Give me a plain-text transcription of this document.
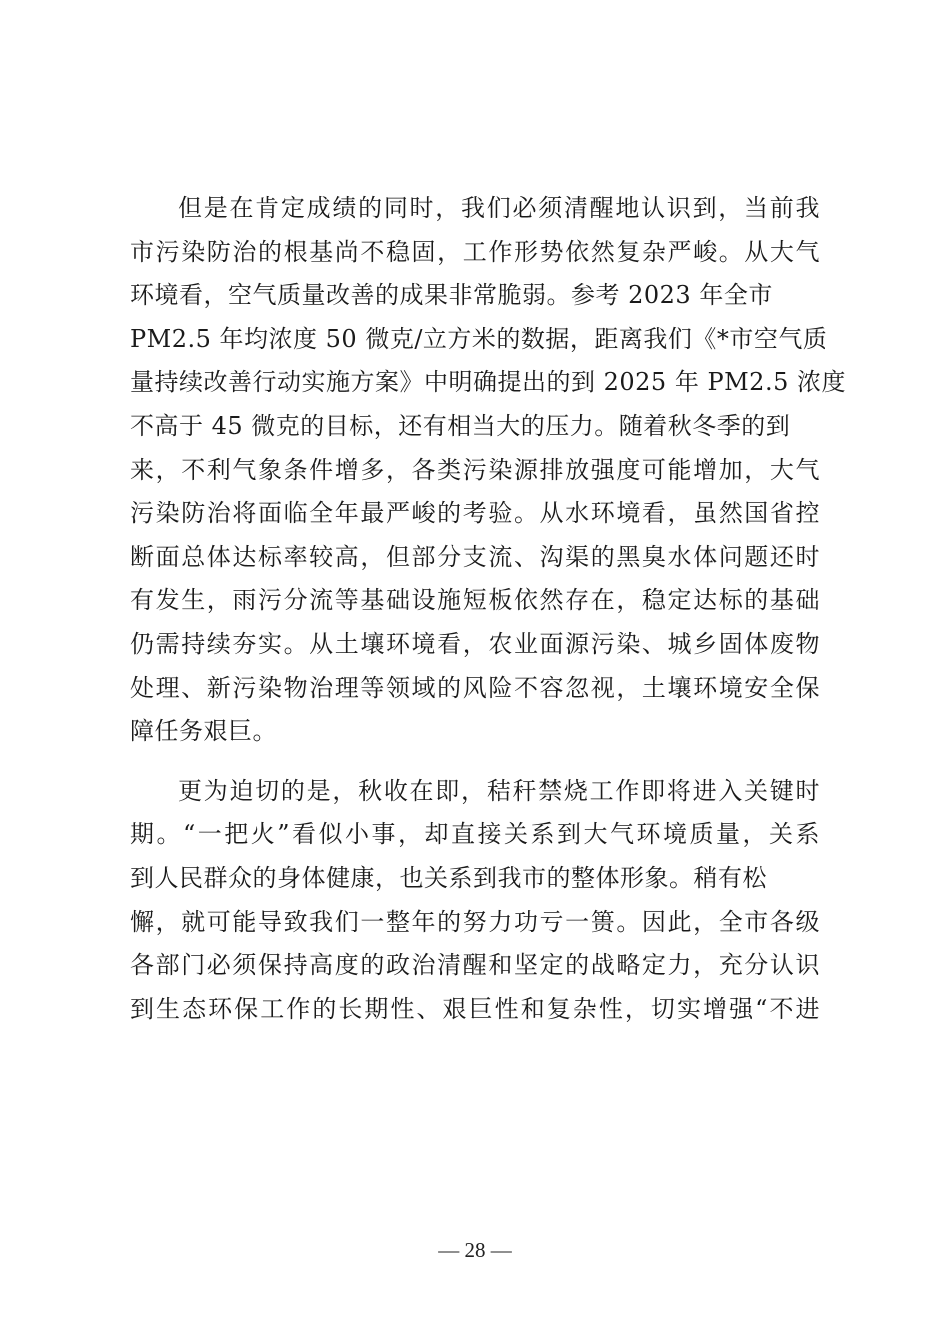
但是在肯定成绩的同时，我们必须清醒地认识到，当前我
市污染防治的根基尚不稳固，工作形势依然复杂严峻。从大气
环境看，空气质量改善的成果非常脆弱。参考 2023 年全市
PM2.5 年均浓度 50 微克/立方米的数据，距离我们《*市空气质
量持续改善行动实施方案》中明确提出的到 2025 年 PM2.5 浓度
不高于 45 微克的目标，还有相当大的压力。随着秋冬季的到
来，不利气象条件增多，各类污染源排放强度可能增加，大气
污染防治将面临全年最严峻的考验。从水环境看，虽然国省控
断面总体达标率较高，但部分支流、沟渠的黑臭水体问题还时
有发生，雨污分流等基础设施短板依然存在，稳定达标的基础
仍需持续夯实。从土壤环境看，农业面源污染、城乡固体废物
处理、新污染物治理等领域的风险不容忽视，土壤环境安全保
障任务艰巨。
更为迫切的是，秋收在即，秸秆禁烧工作即将进入关键时
期。“一把火”看似小事，却直接关系到大气环境质量，关系
到人民群众的身体健康，也关系到我市的整体形象。稍有松
懈，就可能导致我们一整年的努力功亏一篑。因此，全市各级
各部门必须保持高度的政治清醒和坚定的战略定力，充分认识
到生态环保工作的长期性、艰巨性和复杂性，切实增强“不进
— 28 —
